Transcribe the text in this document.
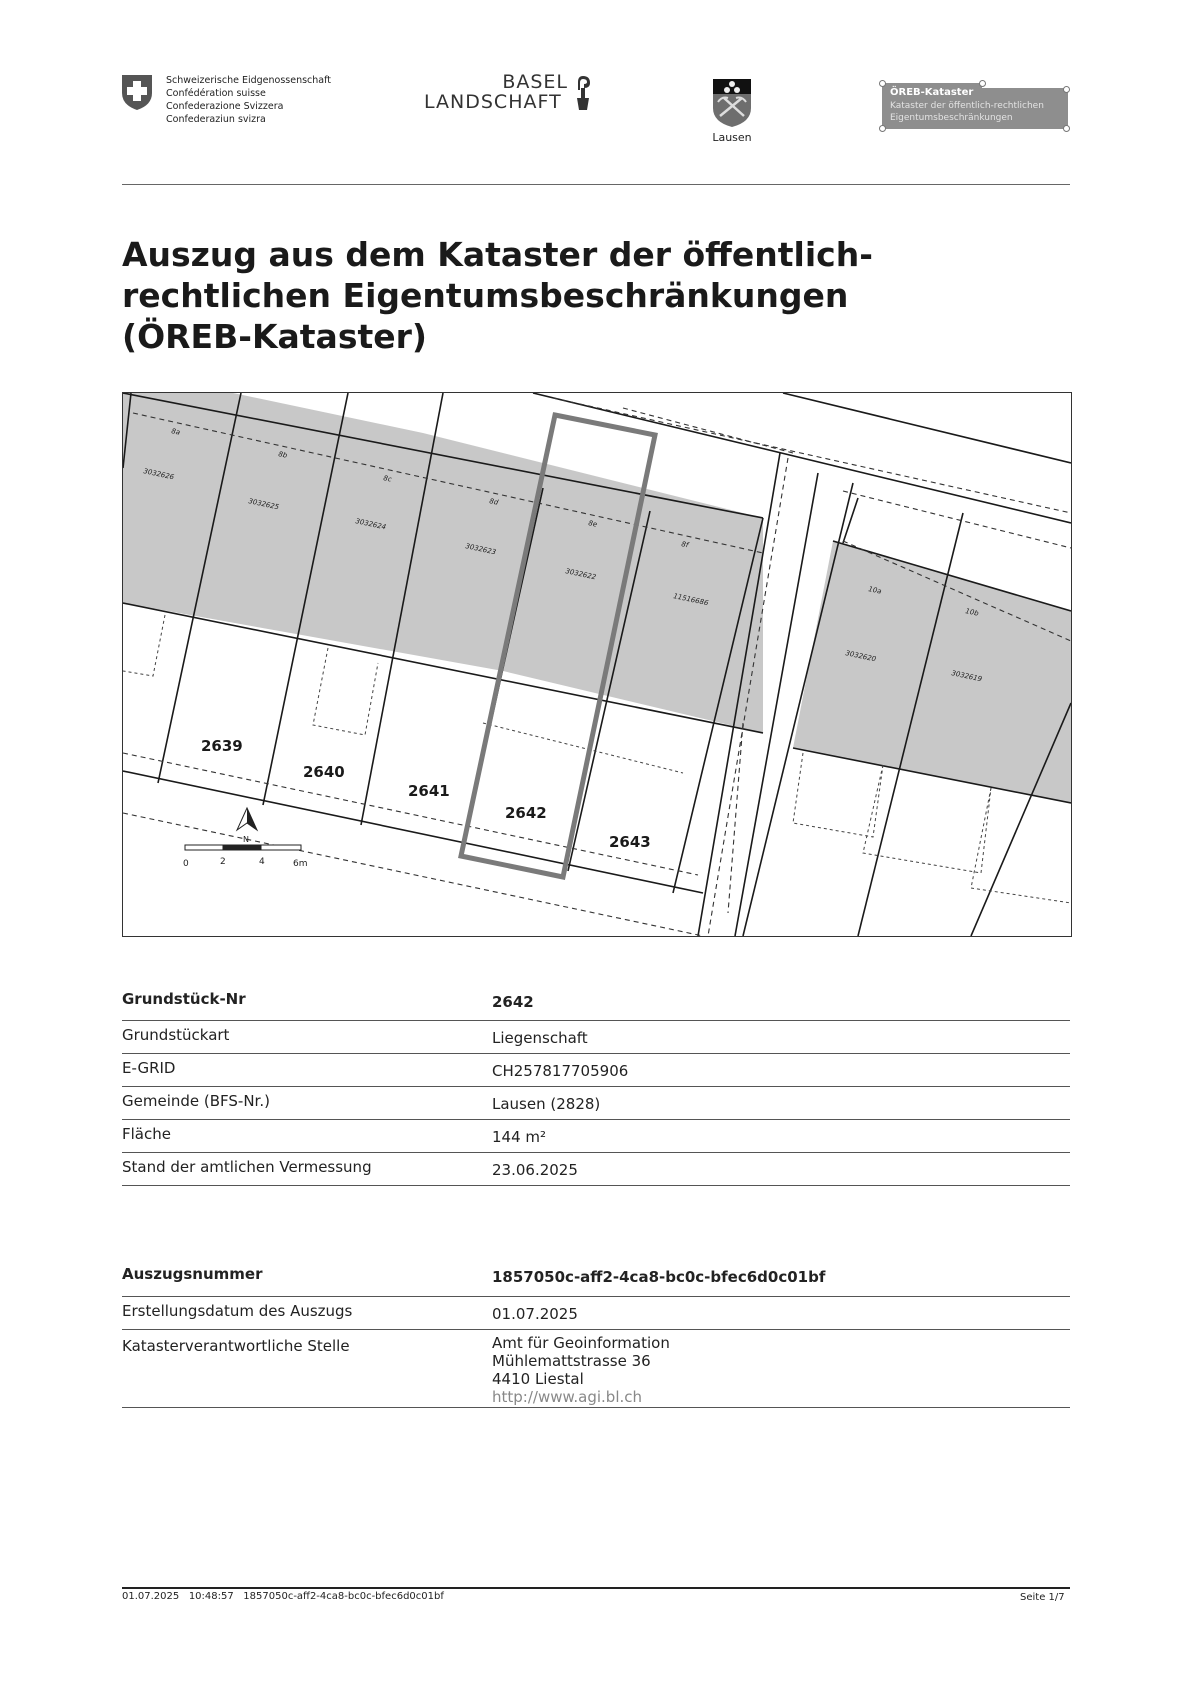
Schweizerische Eidgenossenschaft
Confédération suisse
Confederazione Svizzera
Confederaziun svizra
BASEL
LANDSCHAFT
Lausen
ÖREB-Kataster
Kataster der öffentlich-rechtlichen
Eigentumsbeschränkungen
Auszug aus dem Kataster der öffentlich-
rechtlichen Eigentumsbeschränkungen
(ÖREB-Kataster)
8a
3032626
8b
3032625
8c
3032624
8d
3032623
8e
3032622
8f
11516686
10a
3032620
10b
3032619
2639
2640
2641
2642
2643
N
0	2	4	6m
Grundstück-Nr	2642
Grundstückart	Liegenschaft
E-GRID	CH257817705906
Gemeinde (BFS-Nr.)	Lausen (2828)
Fläche	144 m²
Stand der amtlichen Vermessung	23.06.2025
Auszugsnummer	1857050c-aff2-4ca8-bc0c-bfec6d0c01bf
Erstellungsdatum des Auszugs	01.07.2025
Katasterverantwortliche Stelle	Amt für Geoinformation
Mühlemattstrasse 36
4410 Liestal
http://www.agi.bl.ch
01.07.2025 10:48:57 1857050c-aff2-4ca8-bc0c-bfec6d0c01bf	Seite 1/7
